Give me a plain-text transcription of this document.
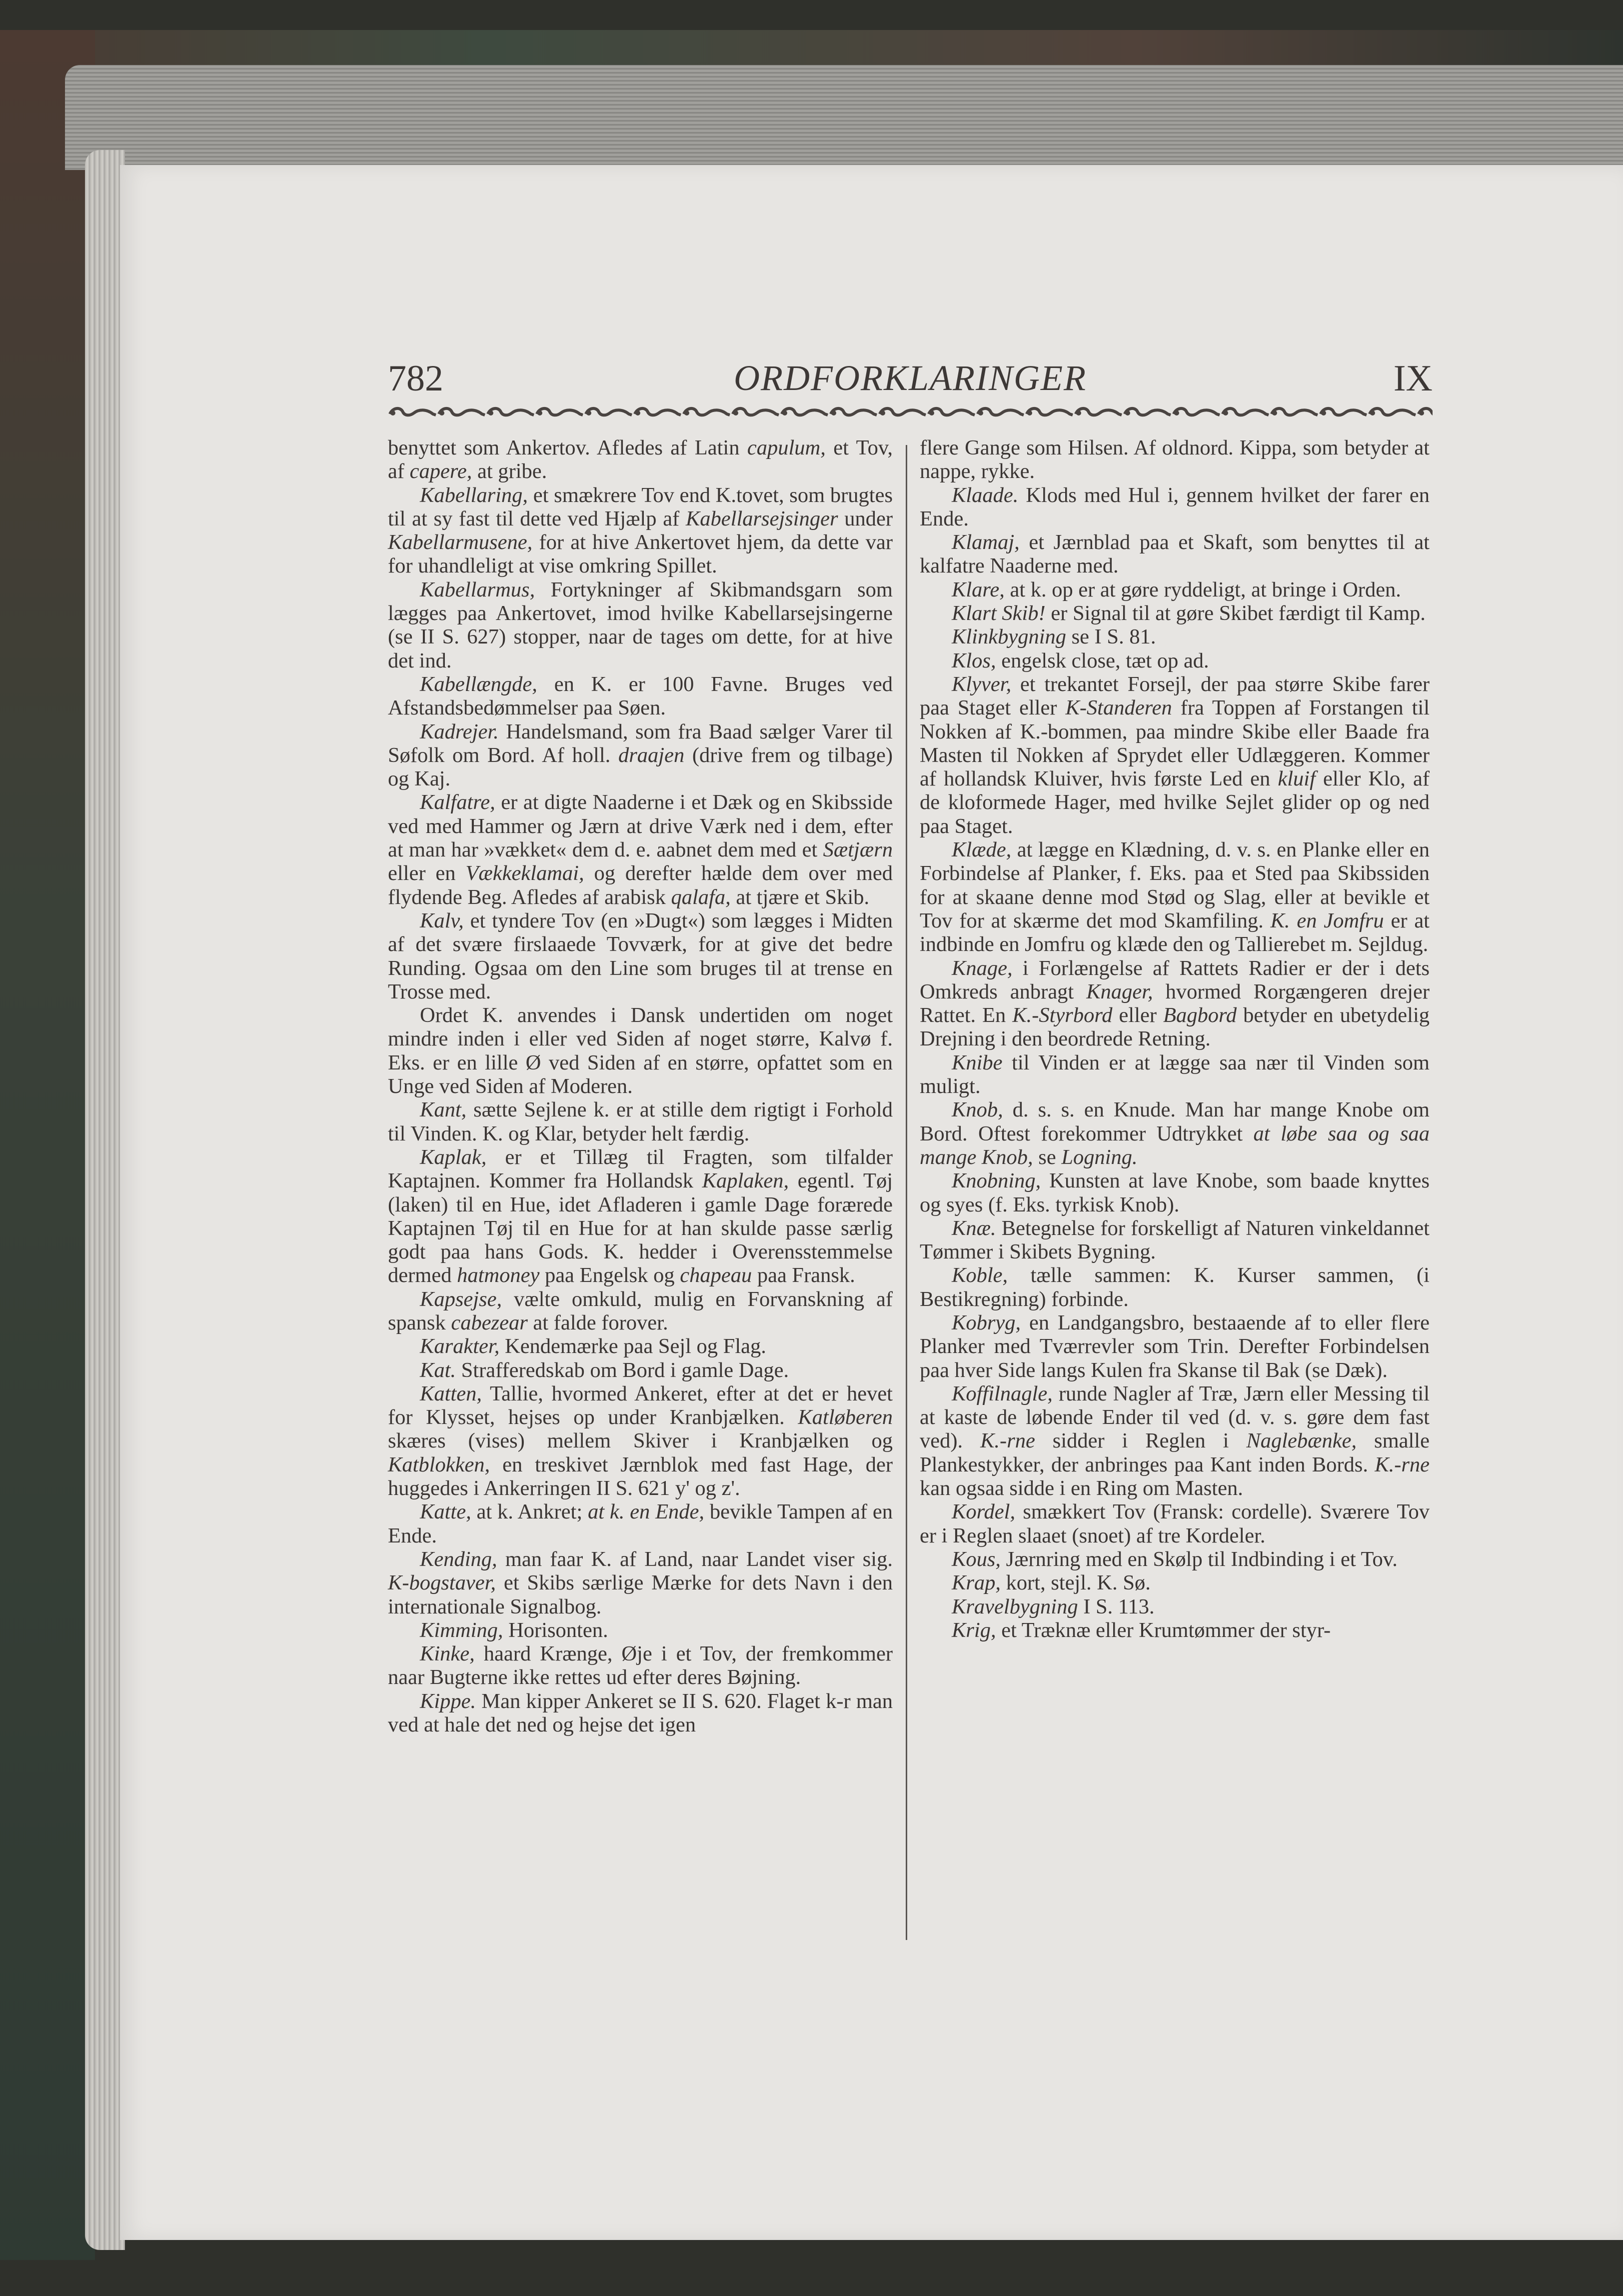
782	ORDFORKLARINGER	IX

benyttet som Ankertov. Afledes af Latin capulum, et Tov, af capere, at gribe.

Kabellaring, et smækrere Tov end K.tovet, som brugtes til at sy fast til dette ved Hjælp af Kabellarsejsinger under Kabellarmusene, for at hive Ankertovet hjem, da dette var for uhandleligt at vise omkring Spillet.

Kabellarmus, Fortykninger af Skibmandsgarn som lægges paa Ankertovet, imod hvilke Kabellarsejsingerne (se II S. 627) stopper, naar de tages om dette, for at hive det ind.

Kabellængde, en K. er 100 Favne. Bruges ved Afstandsbedømmelser paa Søen.

Kadrejer. Handelsmand, som fra Baad sælger Varer til Søfolk om Bord. Af holl. draajen (drive frem og tilbage) og Kaj.

Kalfatre, er at digte Naaderne i et Dæk og en Skibsside ved med Hammer og Jærn at drive Værk ned i dem, efter at man har »vækket« dem d. e. aabnet dem med et Sætjærn eller en Vækkeklamai, og derefter hælde dem over med flydende Beg. Afledes af arabisk qalafa, at tjære et Skib.

Kalv, et tyndere Tov (en »Dugt«) som lægges i Midten af det svære firslaaede Tovværk, for at give det bedre Runding. Ogsaa om den Line som bruges til at trense en Trosse med.

Ordet K. anvendes i Dansk undertiden om noget mindre inden i eller ved Siden af noget større, Kalvø f. Eks. er en lille Ø ved Siden af en større, opfattet som en Unge ved Siden af Moderen.

Kant, sætte Sejlene k. er at stille dem rigtigt i Forhold til Vinden. K. og Klar, betyder helt færdig.

Kaplak, er et Tillæg til Fragten, som tilfalder Kaptajnen. Kommer fra Hollandsk Kaplaken, egentl. Tøj (laken) til en Hue, idet Afladeren i gamle Dage forærede Kaptajnen Tøj til en Hue for at han skulde passe særlig godt paa hans Gods. K. hedder i Overensstemmelse dermed hatmoney paa Engelsk og chapeau paa Fransk.

Kapsejse, vælte omkuld, mulig en Forvanskning af spansk cabezear at falde forover.

Karakter, Kendemærke paa Sejl og Flag.

Kat. Strafferedskab om Bord i gamle Dage.

Katten, Tallie, hvormed Ankeret, efter at det er hevet for Klysset, hejses op under Kranbjælken. Katløberen skæres (vises) mellem Skiver i Kranbjælken og Katblokken, en treskivet Jærnblok med fast Hage, der huggedes i Ankerringen II S. 621 y' og z'.

Katte, at k. Ankret; at k. en Ende, bevikle Tampen af en Ende.

Kending, man faar K. af Land, naar Landet viser sig. K-bogstaver, et Skibs særlige Mærke for dets Navn i den internationale Signalbog.

Kimming, Horisonten.

Kinke, haard Krænge, Øje i et Tov, der fremkommer naar Bugterne ikke rettes ud efter deres Bøjning.

Kippe. Man kipper Ankeret se II S. 620. Flaget k-r man ved at hale det ned og hejse det igen

flere Gange som Hilsen. Af oldnord. Kippa, som betyder at nappe, rykke.

Klaade. Klods med Hul i, gennem hvilket der farer en Ende.

Klamaj, et Jærnblad paa et Skaft, som benyttes til at kalfatre Naaderne med.

Klare, at k. op er at gøre ryddeligt, at bringe i Orden.

Klart Skib! er Signal til at gøre Skibet færdigt til Kamp.

Klinkbygning se I S. 81.

Klos, engelsk close, tæt op ad.

Klyver, et trekantet Forsejl, der paa større Skibe farer paa Staget eller K-Standeren fra Toppen af Forstangen til Nokken af K.-bommen, paa mindre Skibe eller Baade fra Masten til Nokken af Sprydet eller Udlæggeren. Kommer af hollandsk Kluiver, hvis første Led en kluif eller Klo, af de kloformede Hager, med hvilke Sejlet glider op og ned paa Staget.

Klæde, at lægge en Klædning, d. v. s. en Planke eller en Forbindelse af Planker, f. Eks. paa et Sted paa Skibssiden for at skaane denne mod Stød og Slag, eller at bevikle et Tov for at skærme det mod Skamfiling. K. en Jomfru er at indbinde en Jomfru og klæde den og Tallierebet m. Sejldug.

Knage, i Forlængelse af Rattets Radier er der i dets Omkreds anbragt Knager, hvormed Rorgængeren drejer Rattet. En K.-Styrbord eller Bagbord betyder en ubetydelig Drejning i den beordrede Retning.

Knibe til Vinden er at lægge saa nær til Vinden som muligt.

Knob, d. s. s. en Knude. Man har mange Knobe om Bord. Oftest forekommer Udtrykket at løbe saa og saa mange Knob, se Logning.

Knobning, Kunsten at lave Knobe, som baade knyttes og syes (f. Eks. tyrkisk Knob).

Knæ. Betegnelse for forskelligt af Naturen vinkeldannet Tømmer i Skibets Bygning.

Koble, tælle sammen: K. Kurser sammen, (i Bestikregning) forbinde.

Kobryg, en Landgangsbro, bestaaende af to eller flere Planker med Tværrevler som Trin. Derefter Forbindelsen paa hver Side langs Kulen fra Skanse til Bak (se Dæk).

Koffilnagle, runde Nagler af Træ, Jærn eller Messing til at kaste de løbende Ender til ved (d. v. s. gøre dem fast ved). K.-rne sidder i Reglen i Naglebænke, smalle Plankestykker, der anbringes paa Kant inden Bords. K.-rne kan ogsaa sidde i en Ring om Masten.

Kordel, smækkert Tov (Fransk: cordelle). Sværere Tov er i Reglen slaaet (snoet) af tre Kordeler.

Kous, Jærnring med en Skølp til Indbinding i et Tov.

Krap, kort, stejl. K. Sø.

Kravelbygning I S. 113.

Krig, et Træknæ eller Krumtømmer der styr-
